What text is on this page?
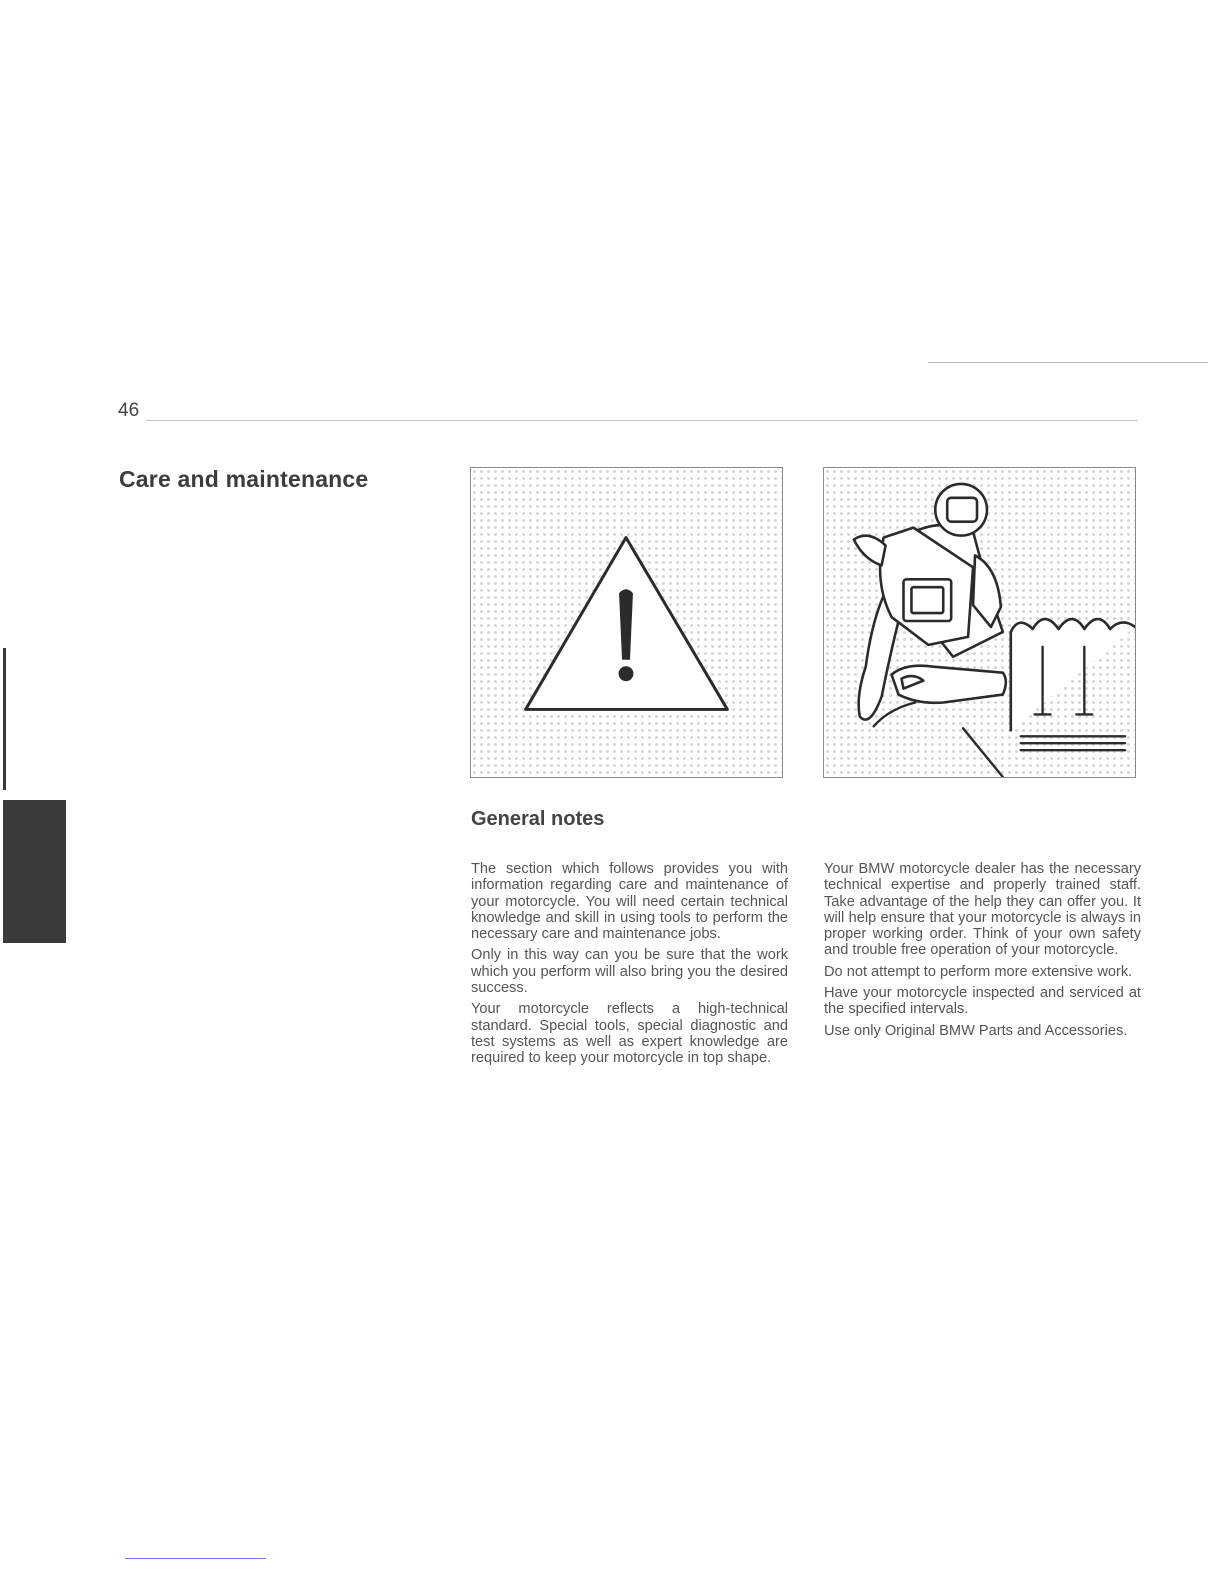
46
Care and maintenance
General notes

The section which follows provides you with information regarding care and maintenance of your motorcycle. You will need certain technical knowledge and skill in using tools to perform the necessary care and maintenance jobs.

Only in this way can you be sure that the work which you perform will also bring you the desired success.

Your motorcycle reflects a high-technical standard. Special tools, special diagnostic and test systems as well as expert knowledge are required to keep your motorcycle in top shape.

Your BMW motorcycle dealer has the necessary technical expertise and properly trained staff. Take advantage of the help they can offer you. It will help ensure that your motorcycle is always in proper working order. Think of your own safety and trouble free operation of your motorcycle.

Do not attempt to perform more extensive work.

Have your motorcycle inspected and serviced at the specified intervals.

Use only Original BMW Parts and Accessories.
